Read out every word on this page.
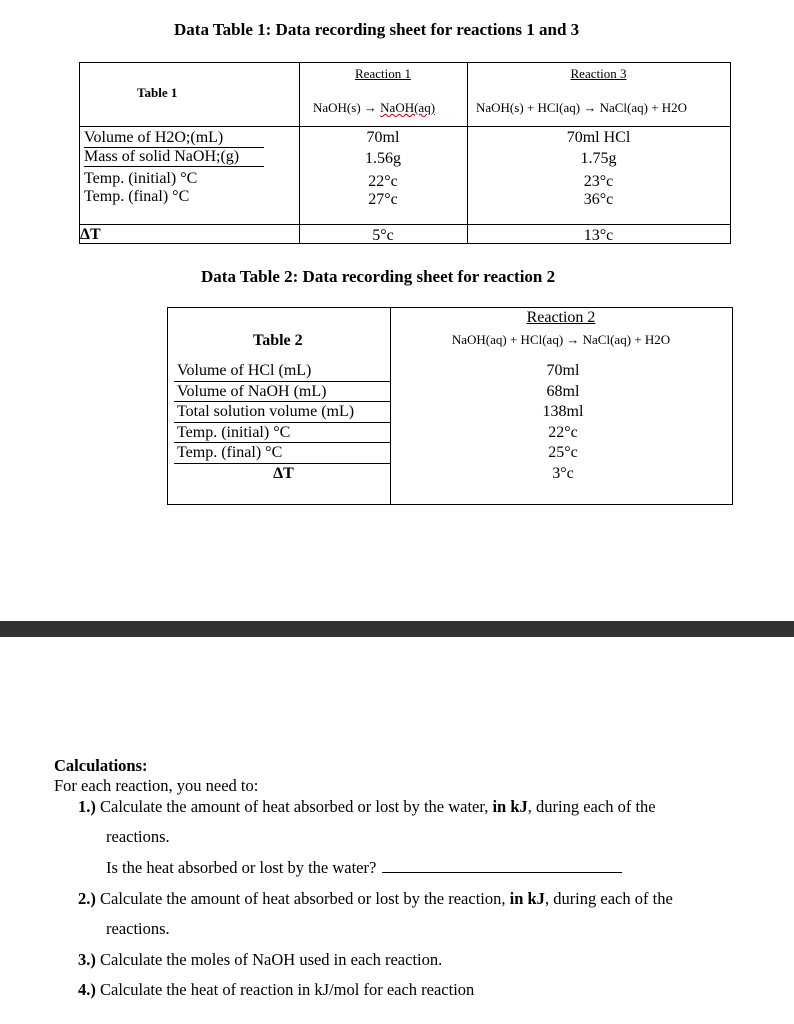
Data Table 1: Data recording sheet for reactions 1 and 3
Table 1
Reaction 1
NaOH(s) → NaOH(aq)
Reaction 3
NaOH(s) + HCl(aq) → NaCl(aq) + H2O
Volume of H2O;(mL)
Mass of solid NaOH;(g)
Temp. (initial) °C
Temp. (final) °C
ΔT
70ml
1.56g
22°c
27°c
5°c
70ml HCl
1.75g
23°c
36°c
13°c
Data Table 2: Data recording sheet for reaction 2
Table 2
Reaction 2
NaOH(aq) + HCl(aq) → NaCl(aq) + H2O
Volume of HCl (mL)
Volume of NaOH (mL)
Total solution volume (mL)
Temp. (initial) °C
Temp. (final) °C
ΔT
70ml
68ml
138ml
22°c
25°c
3°c
Calculations:
For each reaction, you need to:
1.) Calculate the amount of heat absorbed or lost by the water, in kJ, during each of the
reactions.
Is the heat absorbed or lost by the water?
2.) Calculate the amount of heat absorbed or lost by the reaction, in kJ, during each of the
reactions.
3.) Calculate the moles of NaOH used in each reaction.
4.) Calculate the heat of reaction in kJ/mol for each reaction
